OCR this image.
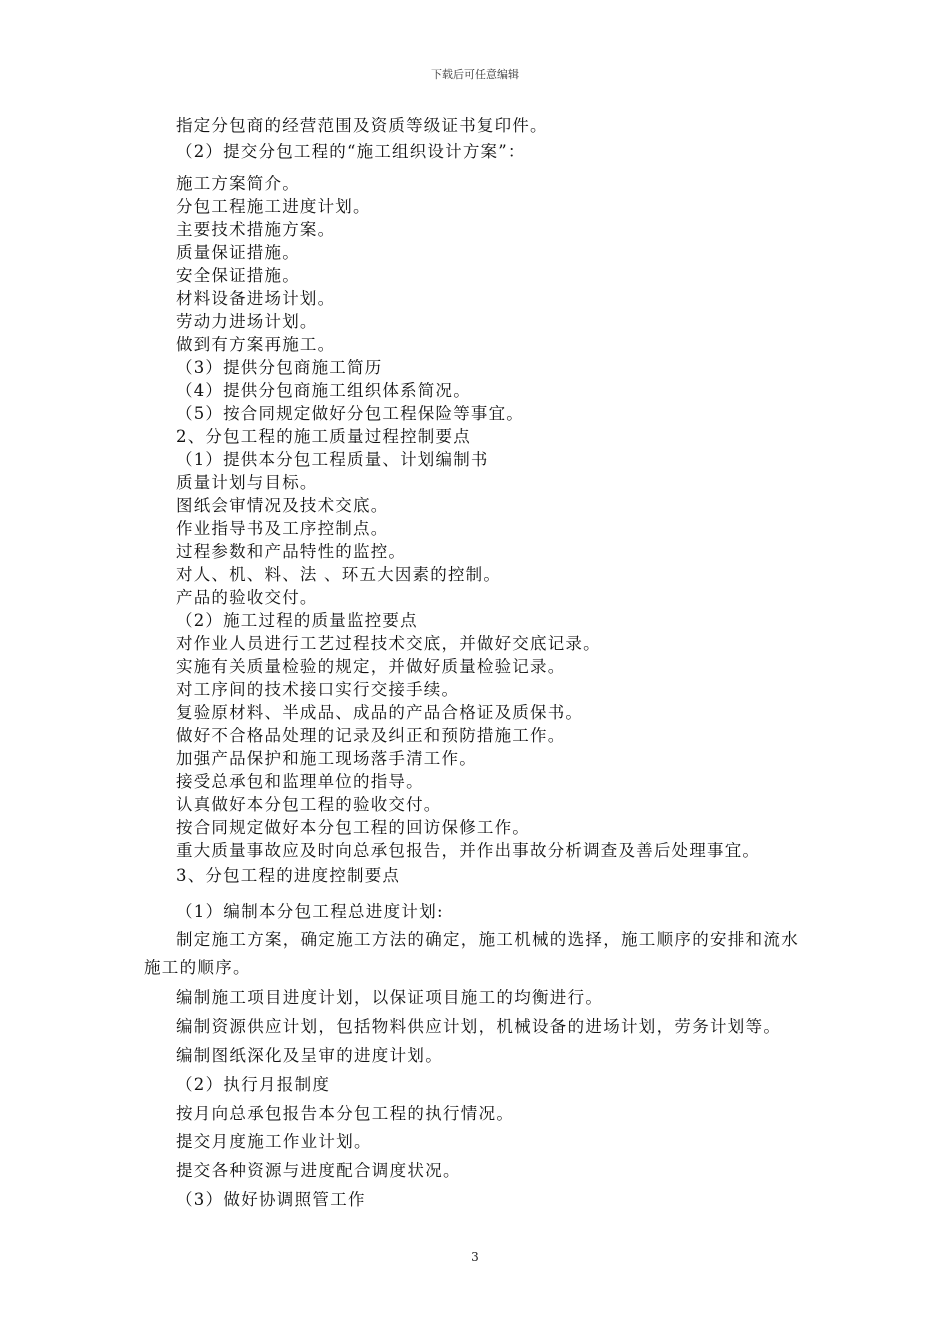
下载后可任意编辑
指定分包商的经营范围及资质等级证书复印件。
（2）提交分包工程的“施工组织设计方案”：
施工方案简介。
分包工程施工进度计划。
主要技术措施方案。
质量保证措施。
安全保证措施。
材料设备进场计划。
劳动力进场计划。
做到有方案再施工。
（3）提供分包商施工简历
（4）提供分包商施工组织体系简况。
（5）按合同规定做好分包工程保险等事宜。
2、分包工程的施工质量过程控制要点
（1）提供本分包工程质量、计划编制书
质量计划与目标。
图纸会审情况及技术交底。
作业指导书及工序控制点。
过程参数和产品特性的监控。
对人、机、料、法 、环五大因素的控制。
产品的验收交付。
（2）施工过程的质量监控要点
对作业人员进行工艺过程技术交底，并做好交底记录。
实施有关质量检验的规定，并做好质量检验记录。
对工序间的技术接口实行交接手续。
复验原材料、半成品、成品的产品合格证及质保书。
做好不合格品处理的记录及纠正和预防措施工作。
加强产品保护和施工现场落手清工作。
接受总承包和监理单位的指导。
认真做好本分包工程的验收交付。
按合同规定做好本分包工程的回访保修工作。
重大质量事故应及时向总承包报告，并作出事故分析调查及善后处理事宜。
3、分包工程的进度控制要点
（1）编制本分包工程总进度计划:
制定施工方案，确定施工方法的确定，施工机械的选择，施工顺序的安排和流水
施工的顺序。
编制施工项目进度计划，以保证项目施工的均衡进行。
编制资源供应计划，包括物料供应计划，机械设备的进场计划，劳务计划等。
编制图纸深化及呈审的进度计划。
（2）执行月报制度
按月向总承包报告本分包工程的执行情况。
提交月度施工作业计划。
提交各种资源与进度配合调度状况。
（3）做好协调照管工作
3
